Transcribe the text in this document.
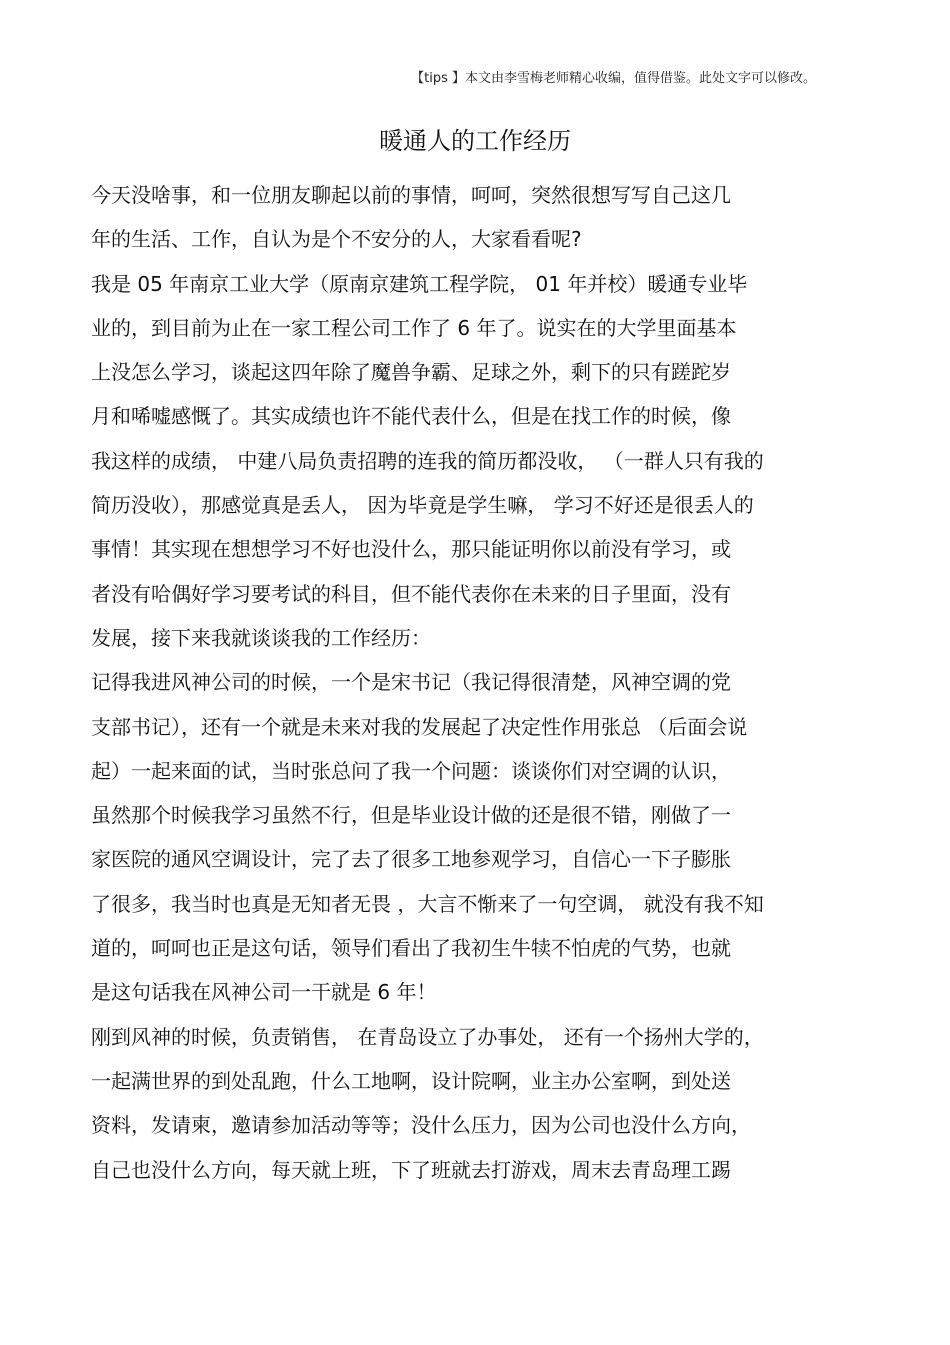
【tips 】本文由李雪梅老师精心收编，值得借鉴。此处文字可以修改。
暖通人的工作经历
今天没啥事，和一位朋友聊起以前的事情，呵呵，突然很想写写自己这几
年的生活、工作，自认为是个不安分的人，大家看看呢?
我是 05 年南京工业大学（原南京建筑工程学院， 01 年并校）暖通专业毕
业的，到目前为止在一家工程公司工作了 6 年了。说实在的大学里面基本
上没怎么学习，谈起这四年除了魔兽争霸、足球之外，剩下的只有蹉跎岁
月和唏嘘感慨了。其实成绩也许不能代表什么，但是在找工作的时候，像
我这样的成绩， 中建八局负责招聘的连我的简历都没收， （一群人只有我的
简历没收），那感觉真是丢人， 因为毕竟是学生嘛， 学习不好还是很丢人的
事情！其实现在想想学习不好也没什么，那只能证明你以前没有学习，或
者没有哈偶好学习要考试的科目，但不能代表你在未来的日子里面，没有
发展，接下来我就谈谈我的工作经历：
记得我进风神公司的时候，一个是宋书记（我记得很清楚，风神空调的党
支部书记），还有一个就是未来对我的发展起了决定性作用张总 （后面会说
起）一起来面的试，当时张总问了我一个问题：谈谈你们对空调的认识，
虽然那个时候我学习虽然不行，但是毕业设计做的还是很不错，刚做了一
家医院的通风空调设计，完了去了很多工地参观学习，自信心一下子膨胀
了很多，我当时也真是无知者无畏 ，大言不惭来了一句空调， 就没有我不知
道的，呵呵也正是这句话，领导们看出了我初生牛犊不怕虎的气势，也就
是这句话我在风神公司一干就是 6 年！
刚到风神的时候，负责销售， 在青岛设立了办事处， 还有一个扬州大学的，
一起满世界的到处乱跑，什么工地啊，设计院啊，业主办公室啊，到处送
资料，发请柬，邀请参加活动等等；没什么压力，因为公司也没什么方向，
自己也没什么方向，每天就上班，下了班就去打游戏，周末去青岛理工踢
